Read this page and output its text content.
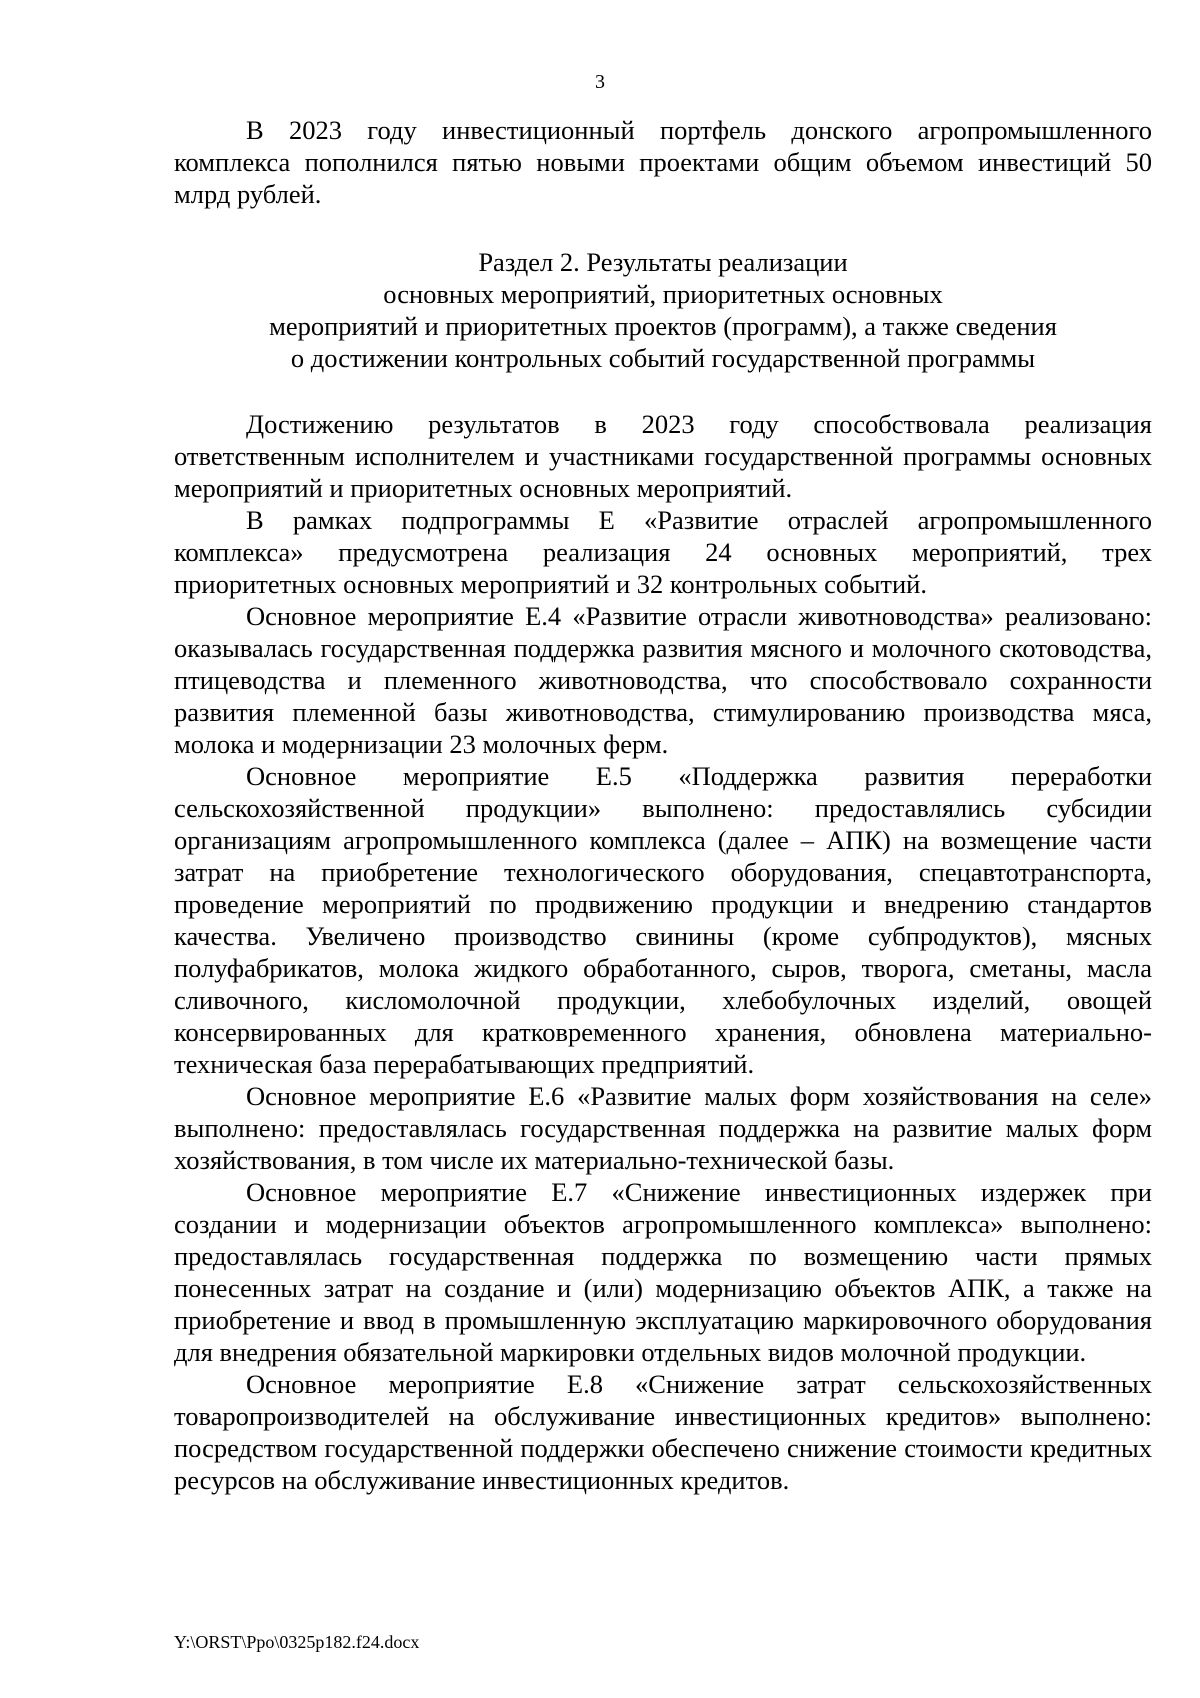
3

В 2023 году инвестиционный портфель донского агропромышленного комплекса пополнился пятью новыми проектами общим объемом инвестиций 50 млрд рублей.

Раздел 2. Результаты реализации
основных мероприятий, приоритетных основных
мероприятий и приоритетных проектов (программ), а также сведения
о достижении контрольных событий государственной программы

Достижению результатов в 2023 году способствовала реализация ответственным исполнителем и участниками государственной программы основных мероприятий и приоритетных основных мероприятий.

В рамках подпрограммы Е «Развитие отраслей агропромышленного комплекса» предусмотрена реализация 24 основных мероприятий, трех приоритетных основных мероприятий и 32 контрольных событий.

Основное мероприятие Е.4 «Развитие отрасли животноводства» реализовано: оказывалась государственная поддержка развития мясного и молочного скотоводства, птицеводства и племенного животноводства, что способствовало сохранности развития племенной базы животноводства, стимулированию производства мяса, молока и модернизации 23 молочных ферм.

Основное мероприятие Е.5 «Поддержка развития переработки сельскохозяйственной продукции» выполнено: предоставлялись субсидии организациям агропромышленного комплекса (далее – АПК) на возмещение части затрат на приобретение технологического оборудования, спецавтотранспорта, проведение мероприятий по продвижению продукции и внедрению стандартов качества. Увеличено производство свинины (кроме субпродуктов), мясных полуфабрикатов, молока жидкого обработанного, сыров, творога, сметаны, масла сливочного, кисломолочной продукции, хлебобулочных изделий, овощей консервированных для кратковременного хранения, обновлена материально-техническая база перерабатывающих предприятий.

Основное мероприятие Е.6 «Развитие малых форм хозяйствования на селе» выполнено: предоставлялась государственная поддержка на развитие малых форм хозяйствования, в том числе их материально-технической базы.

Основное мероприятие Е.7 «Снижение инвестиционных издержек при создании и модернизации объектов агропромышленного комплекса» выполнено: предоставлялась государственная поддержка по возмещению части прямых понесенных затрат на создание и (или) модернизацию объектов АПК, а также на приобретение и ввод в промышленную эксплуатацию маркировочного оборудования для внедрения обязательной маркировки отдельных видов молочной продукции.

Основное мероприятие Е.8 «Снижение затрат сельскохозяйственных товаропроизводителей на обслуживание инвестиционных кредитов» выполнено: посредством государственной поддержки обеспечено снижение стоимости кредитных ресурсов на обслуживание инвестиционных кредитов.

Y:\ORST\Ppo\0325p182.f24.docx
